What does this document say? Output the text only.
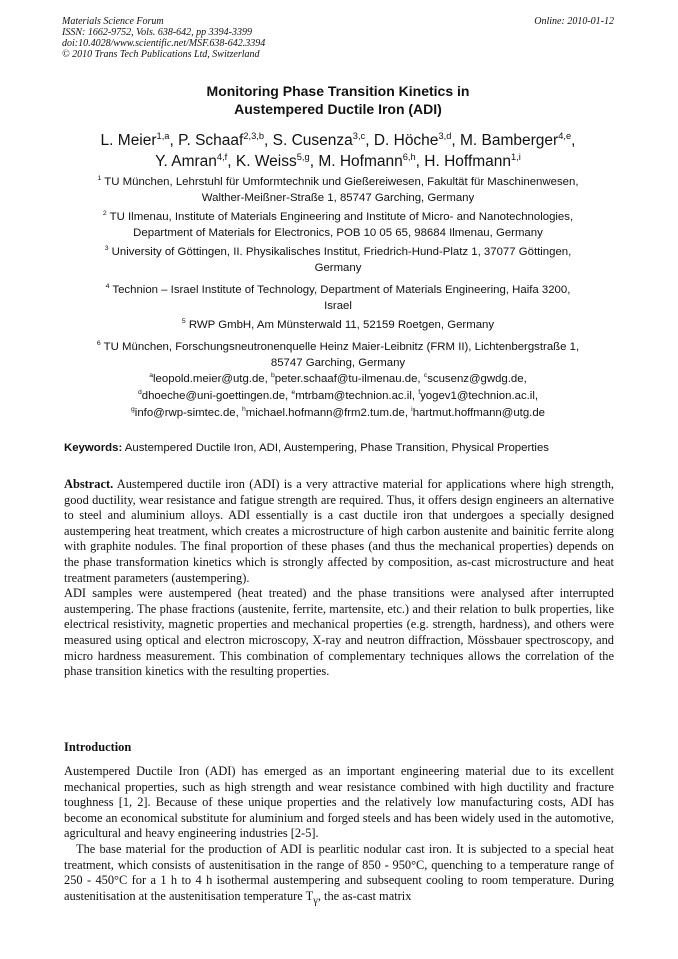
Materials Science Forum
ISSN: 1662-9752, Vols. 638-642, pp 3394-3399
doi:10.4028/www.scientific.net/MSF.638-642.3394
© 2010 Trans Tech Publications Ltd, Switzerland
Online: 2010-01-12
Monitoring Phase Transition Kinetics in
Austempered Ductile Iron (ADI)
L. Meier$^{1,a}$, P. Schaaf$^{2,3,b}$, S. Cusenza$^{3,c}$, D. Höche$^{3,d}$, M. Bamberger$^{4,e}$,
Y. Amran$^{4,f}$, K. Weiss$^{5,g}$, M. Hofmann$^{6,h}$, H. Hoffmann$^{1,i}$
$^1$ TU München, Lehrstuhl für Umformtechnik und Gießereiwesen, Fakultät für Maschinenwesen,
Walther-Meißner-Straße 1, 85747 Garching, Germany
$^2$ TU Ilmenau, Institute of Materials Engineering and Institute of Micro- and Nanotechnologies,
Department of Materials for Electronics, POB 10 05 65, 98684 Ilmenau, Germany
$^3$ University of Göttingen, II. Physikalisches Institut, Friedrich-Hund-Platz 1, 37077 Göttingen,
Germany
$^4$ Technion – Israel Institute of Technology, Department of Materials Engineering, Haifa 3200,
Israel
$^5$ RWP GmbH, Am Münsterwald 11, 52159 Roetgen, Germany
$^6$ TU München, Forschungsneutronenquelle Heinz Maier-Leibnitz (FRM II), Lichtenbergstraße 1,
85747 Garching, Germany
$^a$leopold.meier@utg.de, $^b$peter.schaaf@tu-ilmenau.de, $^c$scusenz@gwdg.de,
$^d$dhoeche@uni-goettingen.de, $^e$mtrbam@technion.ac.il, $^f$yogev1@technion.ac.il,
$^g$info@rwp-simtec.de, $^h$michael.hofmann@frm2.tum.de, $^i$hartmut.hoffmann@utg.de
Keywords: Austempered Ductile Iron, ADI, Austempering, Phase Transition, Physical Properties

Abstract. Austempered ductile iron (ADI) is a very attractive material for applications where high strength, good ductility, wear resistance and fatigue strength are required. Thus, it offers design engineers an alternative to steel and aluminium alloys. ADI essentially is a cast ductile iron that undergoes a specially designed austempering heat treatment, which creates a microstructure of high carbon austenite and bainitic ferrite along with graphite nodules. The final proportion of these phases (and thus the mechanical properties) depends on the phase transformation kinetics which is strongly affected by composition, as-cast microstructure and heat treatment parameters (austempering).

ADI samples were austempered (heat treated) and the phase transitions were analysed after interrupted austempering. The phase fractions (austenite, ferrite, martensite, etc.) and their relation to bulk properties, like electrical resistivity, magnetic properties and mechanical properties (e.g. strength, hardness), and others were measured using optical and electron microscopy, X-ray and neutron diffraction, Mössbauer spectroscopy, and micro hardness measurement. This combination of complementary techniques allows the correlation of the phase transition kinetics with the resulting properties.

Introduction

Austempered Ductile Iron (ADI) has emerged as an important engineering material due to its excellent mechanical properties, such as high strength and wear resistance combined with high ductility and fracture toughness [1, 2]. Because of these unique properties and the relatively low manufacturing costs, ADI has become an economical substitute for aluminium and forged steels and has been widely used in the automotive, agricultural and heavy engineering industries [2-5].

The base material for the production of ADI is pearlitic nodular cast iron. It is subjected to a special heat treatment, which consists of austenitisation in the range of 850 - 950°C, quenching to a temperature range of 250 - 450°C for a 1 h to 4 h isothermal austempering and subsequent cooling to room temperature. During austenitisation at the austenitisation temperature $T_\gamma$, the as-cast matrix
